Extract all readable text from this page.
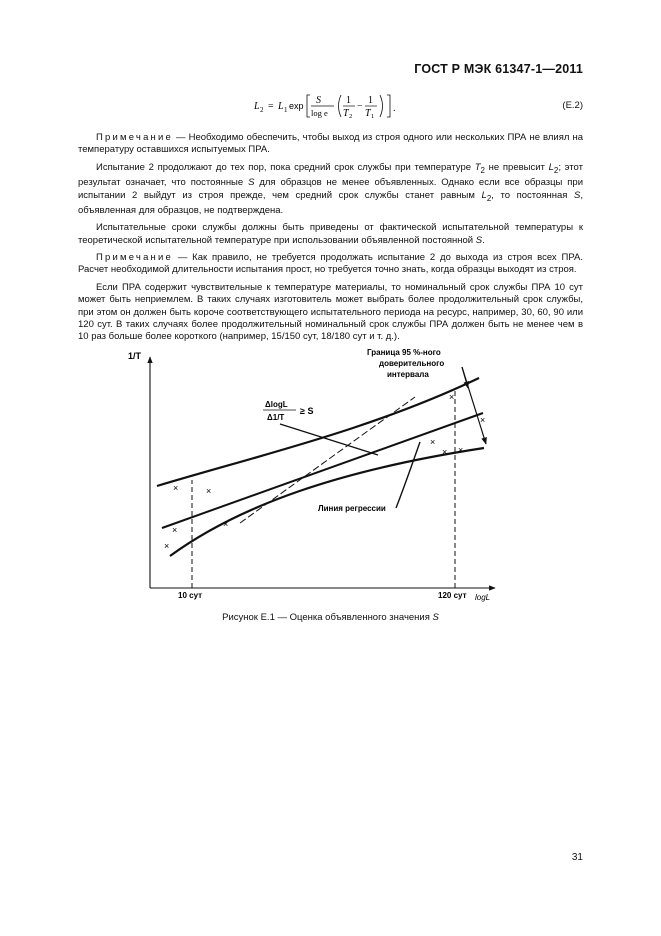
ГОСТ Р МЭК 61347-1—2011
L 2 = L 1 exp S
log e
1
T 2
−
1
T 1
.	(Е.2)

Примечание — Необходимо обеспечить, чтобы выход из строя одного или нескольких ПРА не влиял на температуру оставшихся испытуемых ПРА.

Испытание 2 продолжают до тех пор, пока средний срок службы при температуре $T_2$ не превысит $L_2$; этот результат означает, что постоянные S для образцов не менее объявленных. Однако если все образцы при испытании 2 выйдут из строя прежде, чем средний срок службы станет равным $L_2$, то постоянная S, объявленная для образцов, не подтверждена.

Испытательные сроки службы должны быть приведены от фактической испытательной температуры к теоретической испытательной температуре при использовании объявленной постоянной S.

Примечание — Как правило, не требуется продолжать испытание 2 до выхода из строя всех ПРА. Расчет необходимой длительности испытания прост, но требуется точно знать, когда образцы выходят из строя.

Если ПРА содержит чувствительные к температуре материалы, то номинальный срок службы ПРА 10 сут может быть неприемлем. В таких случаях изготовитель может выбрать более продолжительный срок службы, при этом он должен быть короче соответствующего испытательного периода на ресурс, например, 30, 60, 90 или 120 сут. В таких случаях более продолжительный номинальный срок службы ПРА должен быть не менее чем в 10 раз больше более короткого (например, 15/150 сут, 18/180 сут и т. д.).

1/T
logL
10 сут	120 сут
×	×
×
×
×
×
×
×
× ×
ΔlogL
Δ1/T
≥ S
Граница 95 %-ного
доверительного
интервала
Линия регрессии
Рисунок Е.1 — Оценка объявленного значения S
31
